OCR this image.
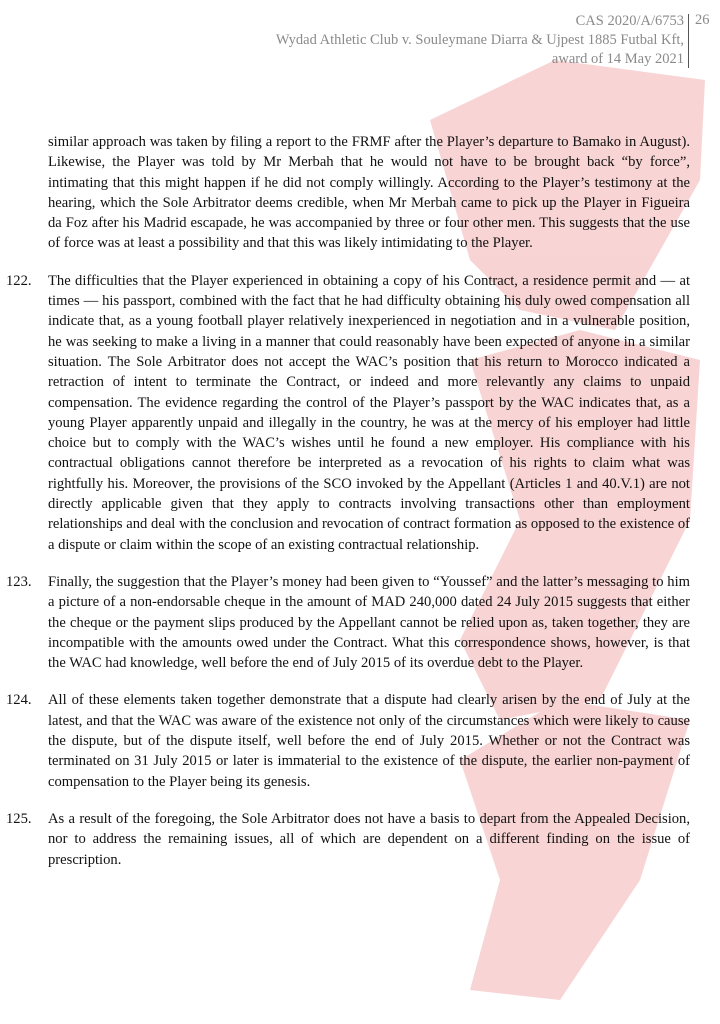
CAS 2020/A/6753
Wydad Athletic Club v. Souleymane Diarra & Ujpest 1885 Futbal Kft,
award of 14 May 2021
26

similar approach was taken by filing a report to the FRMF after the Player’s departure to Bamako in August). Likewise, the Player was told by Mr Merbah that he would not have to be brought back “by force”, intimating that this might happen if he did not comply willingly. According to the Player’s testimony at the hearing, which the Sole Arbitrator deems credible, when Mr Merbah came to pick up the Player in Figueira da Foz after his Madrid escapade, he was accompanied by three or four other men. This suggests that the use of force was at least a possibility and that this was likely intimidating to the Player.

122.	The difficulties that the Player experienced in obtaining a copy of his Contract, a residence permit and — at times — his passport, combined with the fact that he had difficulty obtaining his duly owed compensation all indicate that, as a young football player relatively inexperienced in negotiation and in a vulnerable position, he was seeking to make a living in a manner that could reasonably have been expected of anyone in a similar situation. The Sole Arbitrator does not accept the WAC’s position that his return to Morocco indicated a retraction of intent to terminate the Contract, or indeed and more relevantly any claims to unpaid compensation. The evidence regarding the control of the Player’s passport by the WAC indicates that, as a young Player apparently unpaid and illegally in the country, he was at the mercy of his employer had little choice but to comply with the WAC’s wishes until he found a new employer. His compliance with his contractual obligations cannot therefore be interpreted as a revocation of his rights to claim what was rightfully his. Moreover, the provisions of the SCO invoked by the Appellant (Articles 1 and 40.V.1) are not directly applicable given that they apply to contracts involving transactions other than employment relationships and deal with the conclusion and revocation of contract formation as opposed to the existence of a dispute or claim within the scope of an existing contractual relationship.
123.	Finally, the suggestion that the Player’s money had been given to “Youssef” and the latter’s messaging to him a picture of a non-endorsable cheque in the amount of MAD 240,000 dated 24 July 2015 suggests that either the cheque or the payment slips produced by the Appellant cannot be relied upon as, taken together, they are incompatible with the amounts owed under the Contract. What this correspondence shows, however, is that the WAC had knowledge, well before the end of July 2015 of its overdue debt to the Player.
124.	All of these elements taken together demonstrate that a dispute had clearly arisen by the end of July at the latest, and that the WAC was aware of the existence not only of the circumstances which were likely to cause the dispute, but of the dispute itself, well before the end of July 2015. Whether or not the Contract was terminated on 31 July 2015 or later is immaterial to the existence of the dispute, the earlier non-payment of compensation to the Player being its genesis.
125.	As a result of the foregoing, the Sole Arbitrator does not have a basis to depart from the Appealed Decision, nor to address the remaining issues, all of which are dependent on a different finding on the issue of prescription.
